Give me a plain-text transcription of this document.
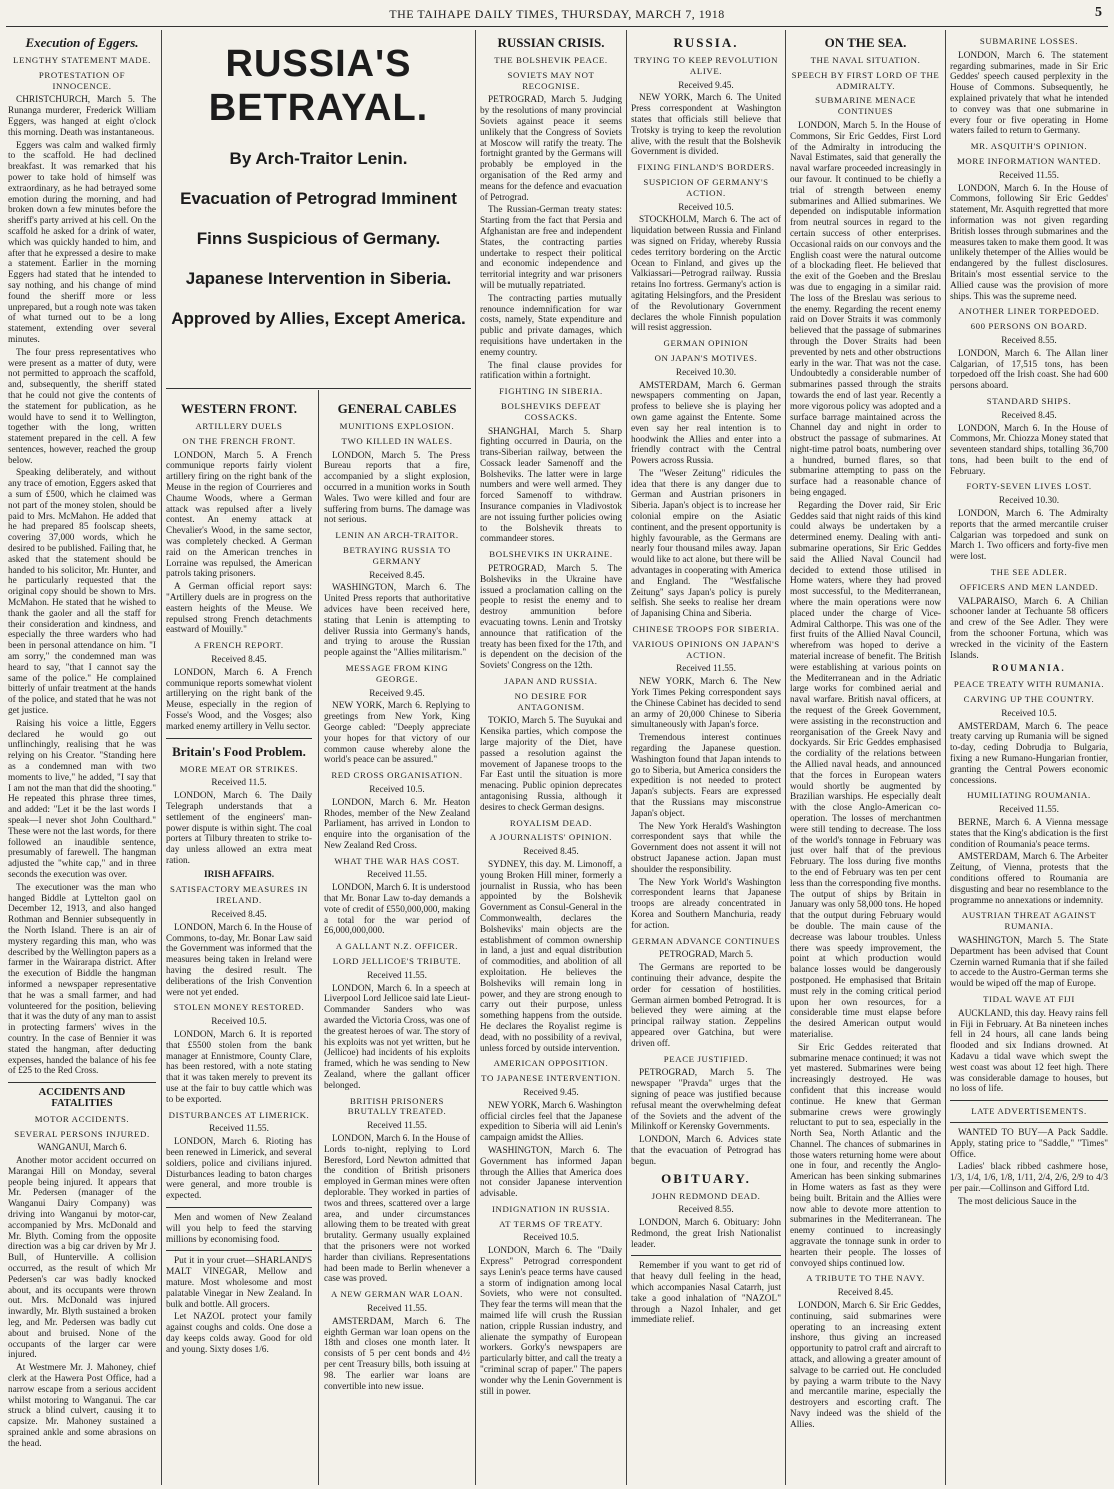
THE TAIHAPE DAILY TIMES, THURSDAY, MARCH 7, 1918	5
Execution of Eggers.
LENGTHY STATEMENT MADE.
PROTESTATION OF INNOCENCE.

CHRISTCHURCH, March 5. The Runanga murderer, Frederick William Eggers, was hanged at eight o'clock this morning. Death was instantaneous.

Eggers was calm and walked firmly to the scaffold. He had declined breakfast. It was remarked that his power to take hold of himself was extraordinary, as he had betrayed some emotion during the morning, and had broken down a few minutes before the sheriff's party arrived at his cell. On the scaffold he asked for a drink of water, which was quickly handed to him, and after that he expressed a desire to make a statement. Earlier in the morning Eggers had stated that he intended to say nothing, and his change of mind found the sheriff more or less unprepared, but a rough note was taken of what turned out to be a long statement, extending over several minutes.

The four press representatives who were present as a matter of duty, were not permitted to approach the scaffold, and, subsequently, the sheriff stated that he could not give the contents of the statement for publication, as he would have to send it to Wellington, together with the long, written statement prepared in the cell. A few sentences, however, reached the group below.

Speaking deliberately, and without any trace of emotion, Eggers asked that a sum of £500, which he claimed was not part of the money stolen, should be paid to Mrs. McMahon. He added that he had prepared 85 foolscap sheets, covering 37,000 words, which he desired to be published. Failing that, he asked that the statement should be handed to his solicitor, Mr. Hunter, and he particularly requested that the original copy should be shown to Mrs. McMahon. He stated that he wished to thank the gaoler and all the staff for their consideration and kindness, and especially the three warders who had been in personal attendance on him. "I am sorry," the condemned man was heard to say, "that I cannot say the same of the police." He complained bitterly of unfair treatment at the hands of the police, and stated that he was not get justice.

Raising his voice a little, Eggers declared he would go out unflinchingly, realising that he was relying on his Creator. "Standing here as a condemned man with two moments to live," he added, "I say that I am not the man that did the shooting." He repeated this phrase three times, and added: "Let it be the last words I speak—I never shot John Coulthard." These were not the last words, for there followed an inaudible sentence, presumably of farewell. The hangman adjusted the "white cap," and in three seconds the execution was over.

The executioner was the man who hanged Biddle at Lyttelton gaol on December 12, 1913, and also hanged Rothman and Bennier subsequently in the North Island. There is an air of mystery regarding this man, who was described by the Wellington papers as a farmer in the Wairarapa district. After the execution of Biddle the hangman informed a newspaper representative that he was a small farmer, and had volunteered for the position, believing that it was the duty of any man to assist in protecting farmers' wives in the country. In the case of Bennier it was stated the hangman, after deducting expenses, handed the balance of his fee of £25 to the Red Cross.

ACCIDENTS AND FATALITIES
MOTOR ACCIDENTS.
SEVERAL PERSONS INJURED.
WANGANUI, March 6.

Another motor accident occurred on Marangai Hill on Monday, several people being injured. It appears that Mr. Pedersen (manager of the Wanganui Dairy Company) was driving into Wanganui by motor-car, accompanied by Mrs. McDonald and Mr. Blyth. Coming from the opposite direction was a big car driven by Mr J. Bull, of Hunterville. A collision occurred, as the result of which Mr Pedersen's car was badly knocked about, and its occupants were thrown out. Mrs. McDonald was injured inwardly, Mr. Blyth sustained a broken leg, and Mr. Pedersen was badly cut about and bruised. None of the occupants of the larger car were injured.

At Westmere Mr. J. Mahoney, chief clerk at the Hawera Post Office, had a narrow escape from a serious accident whilst motoring to Wanganui. The car struck a blind culvert, causing it to capsize. Mr. Mahoney sustained a sprained ankle and some abrasions on the head.

RUSSIA'S BETRAYAL.
By Arch-Traitor Lenin.
Evacuation of Petrograd Imminent
Finns Suspicious of Germany.
Japanese Intervention in Siberia.
Approved by Allies, Except America.
WESTERN FRONT.
ARTILLERY DUELS
ON THE FRENCH FRONT.

LONDON, March 5. A French communique reports fairly violent artillery firing on the right bank of the Meuse in the region of Courrieres and Chaume Woods, where a German attack was repulsed after a lively contest. An enemy attack at Chevalier's Wood, in the same sector, was completely checked. A German raid on the American trenches in Lorraine was repulsed, the American patrols taking prisoners.

A German official report says: "Artillery duels are in progress on the eastern heights of the Meuse. We repulsed strong French detachments eastward of Mouilly."

A FRENCH REPORT.
Received 8.45.

LONDON, March 6. A French communique reports somewhat violent artillerying on the right bank of the Meuse, especially in the region of Fosse's Wood, and the Vosges; also marked enemy artillery in Vellu sector.

Britain's Food Problem.
MORE MEAT OR STRIKES.
Received 11.5.

LONDON, March 6. The Daily Telegraph understands that a settlement of the engineers' man-power dispute is within sight. The coal porters at Tilbury threaten to strike to-day unless allowed an extra meat ration.

IRISH AFFAIRS.
SATISFACTORY MEASURES IN IRELAND.
Received 8.45.

LONDON, March 6. In the House of Commons, to-day, Mr. Bonar Law said the Government was informed that the measures being taken in Ireland were having the desired result. The deliberations of the Irish Convention were not yet ended.

STOLEN MONEY RESTORED.
Received 10.5.

LONDON, March 6. It is reported that £5500 stolen from the bank manager at Ennistmore, County Clare, has been restored, with a note stating that it was taken merely to prevent its use at the fair to buy cattle which was to be exported.

DISTURBANCES AT LIMERICK.
Received 11.55.

LONDON, March 6. Rioting has been renewed in Limerick, and several soldiers, police and civilians injured. Disturbances leading to baton charges were general, and more trouble is expected.

Men and women of New Zealand will you help to feed the starving millions by economising food.

Put it in your cruet—SHARLAND'S MALT VINEGAR, Mellow and mature. Most wholesome and most palatable Vinegar in New Zealand. In bulk and bottle. All grocers.

Let NAZOL protect your family against coughs and colds. One dose a day keeps colds away. Good for old and young. Sixty doses 1/6.

GENERAL CABLES
MUNITIONS EXPLOSION.
TWO KILLED IN WALES.

LONDON, March 5. The Press Bureau reports that a fire, accompanied by a slight explosion, occurred in a munition works in South Wales. Two were killed and four are suffering from burns. The damage was not serious.

LENIN AN ARCH-TRAITOR.
BETRAYING RUSSIA TO GERMANY
Received 8.45.

WASHINGTON, March 6. The United Press reports that authoritative advices have been received here, stating that Lenin is attempting to deliver Russia into Germany's hands, and trying to arouse the Russian people against the "Allies militarism."

MESSAGE FROM KING GEORGE.
Received 9.45.

NEW YORK, March 6. Replying to greetings from New York, King George cabled: "Deeply appreciate your hopes for that victory of our common cause whereby alone the world's peace can be assured."

RED CROSS ORGANISATION.
Received 10.5.

LONDON, March 6. Mr. Heaton Rhodes, member of the New Zealand Parliament, has arrived in London to enquire into the organisation of the New Zealand Red Cross.

WHAT THE WAR HAS COST.
Received 11.55.

LONDON, March 6. It is understood that Mr. Bonar Law to-day demands a vote of credit of £550,000,000, making a total for the war period of £6,000,000,000.

A GALLANT N.Z. OFFICER.
LORD JELLICOE'S TRIBUTE.
Received 11.55.

LONDON, March 6. In a speech at Liverpool Lord Jellicoe said late Lieut-Commander Sanders who was awarded the Victoria Cross, was one of the greatest heroes of war. The story of his exploits was not yet written, but he (Jellicoe) had incidents of his exploits framed, which he was sending to New Zealand, where the gallant officer belonged.

BRITISH PRISONERS BRUTALLY TREATED.
Received 11.55.

LONDON, March 6. In the House of Lords to-night, replying to Lord Beresford, Lord Newton admitted that the condition of British prisoners employed in German mines were often deplorable. They worked in parties of twos and threes, scattered over a large area, and under circumstances allowing them to be treated with great brutality. Germany usually explained that the prisoners were not worked harder than civilians. Representations had been made to Berlin whenever a case was proved.

A NEW GERMAN WAR LOAN.
Received 11.55.

AMSTERDAM, March 6. The eighth German war loan opens on the 18th and closes one month later. It consists of 5 per cent bonds and 4½ per cent Treasury bills, both issuing at 98. The earlier war loans are convertible into new issue.

RUSSIAN CRISIS.
THE BOLSHEVIK PEACE.
SOVIETS MAY NOT RECOGNISE.

PETROGRAD, March 5. Judging by the resolutions of many provincial Soviets against peace it seems unlikely that the Congress of Soviets at Moscow will ratify the treaty. The fortnight granted by the Germans will probably be employed in the organisation of the Red army and means for the defence and evacuation of Petrograd.

The Russian-German treaty states: Starting from the fact that Persia and Afghanistan are free and independent States, the contracting parties undertake to respect their political and economic independence and territorial integrity and war prisoners will be mutually repatriated.

The contracting parties mutually renounce indemnification for war costs, namely, State expenditure and public and private damages, which requisitions have undertaken in the enemy country.

The final clause provides for ratification within a fortnight.

FIGHTING IN SIBERIA.
BOLSHEVIKS DEFEAT COSSACKS.

SHANGHAI, March 5. Sharp fighting occurred in Dauria, on the trans-Siberian railway, between the Cossack leader Samenoff and the Bolsheviks. The latter were in large numbers and were well armed. They forced Samenoff to withdraw. Insurance companies in Vladivostok are not issuing further policies owing to the Bolshevik threats to commandeer stores.

BOLSHEVIKS IN UKRAINE.

PETROGRAD, March 5. The Bolsheviks in the Ukraine have issued a proclamation calling on the people to resist the enemy and to destroy ammunition before evacuating towns. Lenin and Trotsky announce that ratification of the treaty has been fixed for the 17th, and is dependent on the decision of the Soviets' Congress on the 12th.

JAPAN AND RUSSIA.
NO DESIRE FOR ANTAGONISM.

TOKIO, March 5. The Suyukai and Kensika parties, which compose the large majority of the Diet, have passed a resolution against the movement of Japanese troops to the Far East until the situation is more menacing. Public opinion deprecates antagonising Russia, although it desires to check German designs.

ROYALISM DEAD.
A JOURNALISTS' OPINION.
Received 8.45.

SYDNEY, this day. M. Limonoff, a young Broken Hill miner, formerly a journalist in Russia, who has been appointed by the Bolshevik Government as Consul-General in the Commonwealth, declares the Bolsheviks' main objects are the establishment of common ownership in land, a just and equal distribution of commodities, and abolition of all exploitation. He believes the Bolsheviks will remain long in power, and they are strong enough to carry out their purpose, unless something happens from the outside. He declares the Royalist regime is dead, with no possibility of a revival, unless forced by outside intervention.

AMERICAN OPPOSITION.
TO JAPANESE INTERVENTION.
Received 9.45.

NEW YORK, March 6. Washington official circles feel that the Japanese expedition to Siberia will aid Lenin's campaign amidst the Allies.

WASHINGTON, March 6. The Government has informed Japan through the Allies that America does not consider Japanese intervention advisable.

INDIGNATION IN RUSSIA.
AT TERMS OF TREATY.
Received 10.5.

LONDON, March 6. The "Daily Express" Petrograd correspondent says Lenin's peace terms have caused a storm of indignation among local Soviets, who were not consulted. They fear the terms will mean that the maimed life will crush the Russian nation, cripple Russian industry, and alienate the sympathy of European workers. Gorky's newspapers are particularly bitter, and call the treaty a "criminal scrap of paper." The papers wonder why the Lenin Government is still in power.

RUSSIA.
TRYING TO KEEP REVOLUTION ALIVE.
Received 9.45.

NEW YORK, March 6. The United Press correspondent at Washington states that officials still believe that Trotsky is trying to keep the revolution alive, with the result that the Bolshevik Government is divided.

FIXING FINLAND'S BORDERS.
SUSPICION OF GERMANY'S ACTION.
Received 10.5.

STOCKHOLM, March 6. The act of liquidation between Russia and Finland was signed on Friday, whereby Russia cedes territory bordering on the Arctic Ocean to Finland, and gives up the Valkiassari—Petrograd railway. Russia retains Ino fortress. Germany's action is agitating Helsingfors, and the President of the Revolutionary Government declares the whole Finnish population will resist aggression.

GERMAN OPINION
ON JAPAN'S MOTIVES.
Received 10.30.

AMSTERDAM, March 6. German newspapers commenting on Japan, profess to believe she is playing her own game against the Entente. Some even say her real intention is to hoodwink the Allies and enter into a friendly contract with the Central Powers across Russia.

The "Weser Zeitung" ridicules the idea that there is any danger due to German and Austrian prisoners in Siberia. Japan's object is to increase her colonial empire on the Asiatic continent, and the present opportunity is highly favourable, as the Germans are nearly four thousand miles away. Japan would like to act alone, but there will be advantages in cooperating with America and England. The "Westfalische Zeitung" says Japan's policy is purely selfish. She seeks to realise her dream of Japanising China and Siberia.

CHINESE TROOPS FOR SIBERIA.
VARIOUS OPINIONS ON JAPAN'S ACTION.
Received 11.55.

NEW YORK, March 6. The New York Times Peking correspondent says the Chinese Cabinet has decided to send an army of 20,000 Chinese to Siberia simultaneously with Japan's force.

Tremendous interest continues regarding the Japanese question. Washington found that Japan intends to go to Siberia, but America considers the expedition is not needed to protect Japan's subjects. Fears are expressed that the Russians may misconstrue Japan's object.

The New York Herald's Washington correspondent says that while the Government does not assent it will not obstruct Japanese action. Japan must shoulder the responsibility.

The New York World's Washington correspondent learns that Japanese troops are already concentrated in Korea and Southern Manchuria, ready for action.

GERMAN ADVANCE CONTINUES
PETROGRAD, March 5.

The Germans are reported to be continuing their advance, despite the order for cessation of hostilities. German airmen bombed Petrograd. It is believed they were aiming at the principal railway station. Zeppelins appeared over Gatchina, but were driven off.

PEACE JUSTIFIED.

PETROGRAD, March 5. The newspaper "Pravda" urges that the signing of peace was justified because refusal meant the overwhelming defeat of the Soviets and the advent of the Milinkoff or Kerensky Governments.

LONDON, March 6. Advices state that the evacuation of Petrograd has begun.

OBITUARY.
JOHN REDMOND DEAD.
Received 8.55.

LONDON, March 6. Obituary: John Redmond, the great Irish Nationalist leader.

Remember if you want to get rid of that heavy dull feeling in the head, which accompanies Nasal Catarrh, just take a good inhalation of "NAZOL" through a Nazol Inhaler, and get immediate relief.

ON THE SEA.
THE NAVAL SITUATION.
SPEECH BY FIRST LORD OF THE ADMIRALTY.
SUBMARINE MENACE CONTINUES

LONDON, March 5. In the House of Commons, Sir Eric Geddes, First Lord of the Admiralty in introducing the Naval Estimates, said that generally the naval warfare proceeded increasingly in our favour. It continued to be chiefly a trial of strength between enemy submarines and Allied submarines. We depended on indisputable information from neutral sources in regard to the certain success of other enterprises. Occasional raids on our convoys and the English coast were the natural outcome of a blockading fleet. He believed that the exit of the Goeben and the Breslau was due to engaging in a similar raid. The loss of the Breslau was serious to the enemy. Regarding the recent enemy raid on Dover Straits it was commonly believed that the passage of submarines through the Dover Straits had been prevented by nets and other obstructions early in the war. That was not the case. Undoubtedly a considerable number of submarines passed through the straits towards the end of last year. Recently a more vigorous policy was adopted and a surface barrage maintained across the Channel day and night in order to obstruct the passage of submarines. At night-time patrol boats, numbering over a hundred, burned flares, so that submarine attempting to pass on the surface had a reasonable chance of being engaged.

Regarding the Dover raid, Sir Eric Geddes said that night raids of this kind could always be undertaken by a determined enemy. Dealing with anti-submarine operations, Sir Eric Geddes said the Allied Naval Council had decided to extend those utilised in Home waters, where they had proved most successful, to the Mediterranean, where the main operations were now placed under the charge of Vice-Admiral Calthorpe. This was one of the first fruits of the Allied Naval Council, wherefrom was hoped to derive a material increase of benefit. The British were establishing at various points on the Mediterranean and in the Adriatic large works for combined aerial and naval warfare. British naval officers, at the request of the Greek Government, were assisting in the reconstruction and reorganisation of the Greek Navy and dockyards. Sir Eric Geddes emphasised the cordiality of the relations between the Allied naval heads, and announced that the forces in European waters would shortly be augmented by Brazilian warships. He especially dealt with the close Anglo-American co-operation. The losses of merchantmen were still tending to decrease. The loss of the world's tonnage in February was just over half that of the previous February. The loss during five months to the end of February was ten per cent less than the corresponding five months. The output of ships by Britain in January was only 58,000 tons. He hoped that the output during February would be double. The main cause of the decrease was labour troubles. Unless there was speedy improvement, the point at which production would balance losses would be dangerously postponed. He emphasised that Britain must rely in the coming critical period upon her own resources, for a considerable time must elapse before the desired American output would materialise.

Sir Eric Geddes reiterated that submarine menace continued; it was not yet mastered. Submarines were being increasingly destroyed. He was confident that this increase would continue. He knew that German submarine crews were growingly reluctant to put to sea, especially in the North Sea, North Atlantic and the Channel. The chances of submarines in those waters returning home were about one in four, and recently the Anglo-American has been sinking submarines in Home waters as fast as they were being built. Britain and the Allies were now able to devote more attention to submarines in the Mediterranean. The enemy continued to increasingly aggravate the tonnage sunk in order to hearten their people. The losses of convoyed ships continued low.

A TRIBUTE TO THE NAVY.
Received 8.45.

LONDON, March 6. Sir Eric Geddes, continuing, said submarines were operating to an increasing extent inshore, thus giving an increased opportunity to patrol craft and aircraft to attack, and allowing a greater amount of salvage to be carried out. He concluded by paying a warm tribute to the Navy and mercantile marine, especially the destroyers and escorting craft. The Navy indeed was the shield of the Allies.

SUBMARINE LOSSES.

LONDON, March 6. The statement regarding submarines, made in Sir Eric Geddes' speech caused perplexity in the House of Commons. Subsequently, he explained privately that what he intended to convey was that one submarine in every four or five operating in Home waters failed to return to Germany.

MR. ASQUITH'S OPINION.
MORE INFORMATION WANTED.
Received 11.55.

LONDON, March 6. In the House of Commons, following Sir Eric Geddes' statement, Mr. Asquith regretted that more information was not given regarding British losses through submarines and the measures taken to make them good. It was unlikely thetemper of the Allies would be endangered by the fullest disclosures. Britain's most essential service to the Allied cause was the provision of more ships. This was the supreme need.

ANOTHER LINER TORPEDOED.
600 PERSONS ON BOARD.
Received 8.55.

LONDON, March 6. The Allan liner Calgarian, of 17,515 tons, has been torpedoed off the Irish coast. She had 600 persons aboard.

STANDARD SHIPS.
Received 8.45.

LONDON, March 6. In the House of Commons, Mr. Chiozza Money stated that seventeen standard ships, totalling 36,700 tons, had been built to the end of February.

FORTY-SEVEN LIVES LOST.
Received 10.30.

LONDON, March 6. The Admiralty reports that the armed mercantile cruiser Calgarian was torpedoed and sunk on March 1. Two officers and forty-five men were lost.

THE SEE ADLER.
OFFICERS AND MEN LANDED.

VALPARAISO, March 6. A Chilian schooner lander at Techuante 58 officers and crew of the See Adler. They were from the schooner Fortuna, which was wrecked in the vicinity of the Eastern Islands.

ROUMANIA.
PEACE TREATY WITH RUMANIA.
CARVING UP THE COUNTRY.
Received 10.5.

AMSTERDAM, March 6. The peace treaty carving up Rumania will be signed to-day, ceding Dobrudja to Bulgaria, fixing a new Rumano-Hungarian frontier, granting the Central Powers economic concessions.

HUMILIATING ROUMANIA.
Received 11.55.

BERNE, March 6. A Vienna message states that the King's abdication is the first condition of Roumania's peace terms.

AMSTERDAM, March 6. The Arbeiter Zeitung, of Vienna, protests that the conditions offered to Roumania are disgusting and bear no resemblance to the programme no annexations or indemnity.

AUSTRIAN THREAT AGAINST RUMANIA.

WASHINGTON, March 5. The State Department has been advised that Count Czernin warned Rumania that if she failed to accede to the Austro-German terms she would be wiped off the map of Europe.

TIDAL WAVE AT FIJI

AUCKLAND, this day. Heavy rains fell in Fiji in February. At Ba nineteen inches fell in 24 hours, all cane lands being flooded and six Indians drowned. At Kadavu a tidal wave which swept the west coast was about 12 feet high. There was considerable damage to houses, but no loss of life.

LATE ADVERTISEMENTS.

WANTED TO BUY—A Pack Saddle. Apply, stating price to "Saddle," "Times" Office.

Ladies' black ribbed cashmere hose, 1/3, 1/4, 1/6, 1/8, 1/11, 2/4, 2/6, 2/9 to 4/3 per pair.—Collinson and Gifford Ltd.

The most delicious Sauce in the
